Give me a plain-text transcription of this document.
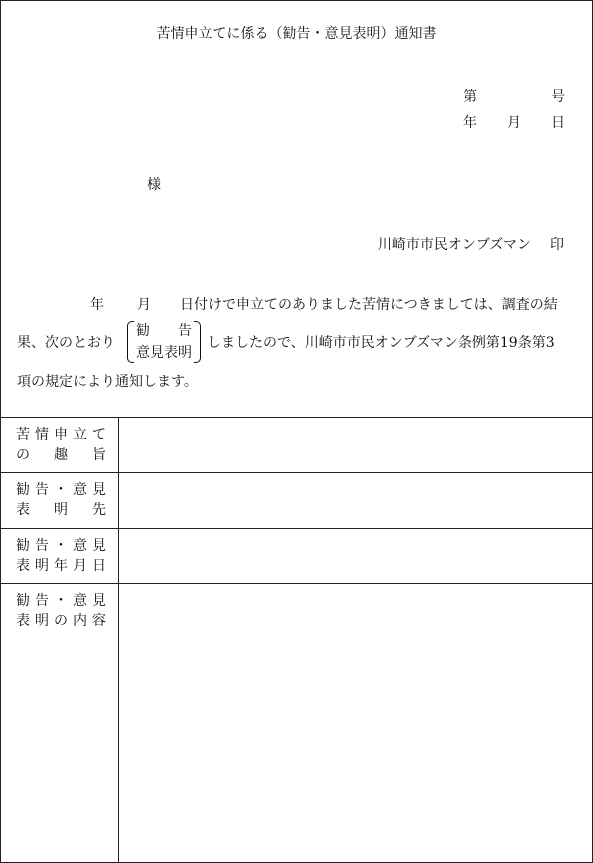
苦情申立てに係る（勧告・意見表明）通知書
第	号
年 月 日
様
川崎市市民オンブズマン 印
年 月 日付けで申立てのありました苦情につきましては、調査の結
果、次のとおり
勧　告
意見表明
しましたので、川崎市市民オンブズマン条例第19条第3
項の規定により通知します。
苦情申立て
の趣旨	

勧告・意見
表明先	

勧告・意見
表明年月日	

勧告・意見
表明の内容	
